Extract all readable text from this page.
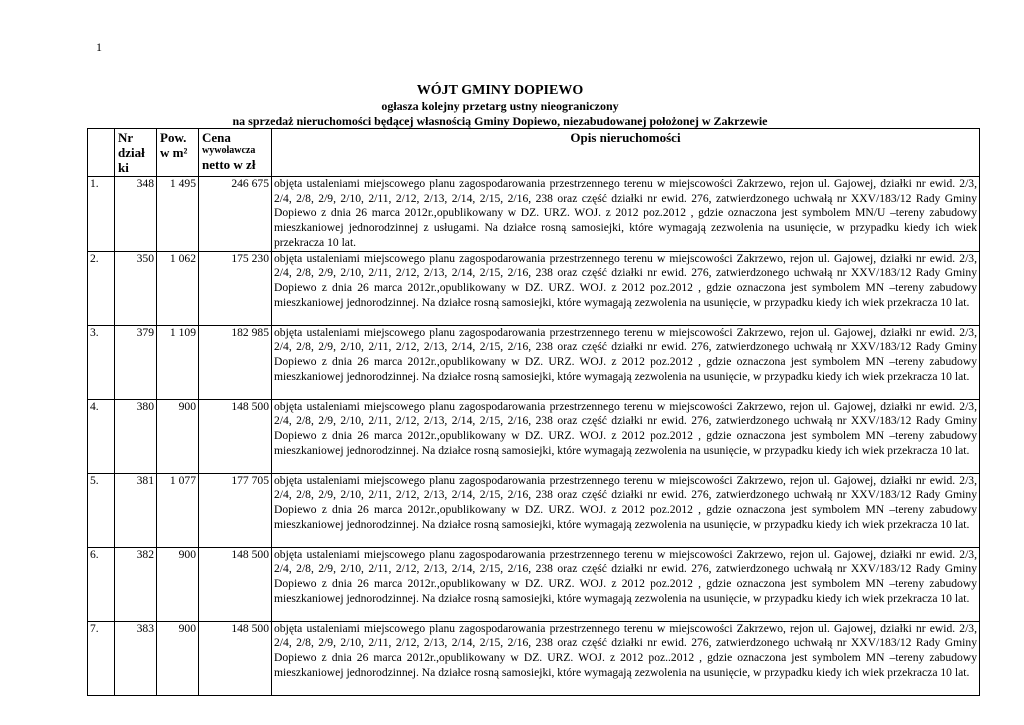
1
WÓJT GMINY DOPIEWO
ogłasza kolejny przetarg ustny nieograniczony
na sprzedaż nieruchomości będącej własnością Gminy Dopiewo, niezabudowanej położonej w Zakrzewie
	Nr dział ki	Pow. w m²	Cena
wywoławcza
netto w zł	Opis nieruchomości
1.	348	1 495	246 675	objęta ustaleniami miejscowego planu zagospodarowania przestrzennego terenu w miejscowości Zakrzewo, rejon ul. Gajowej, działki nr ewid. 2/3, 2/4, 2/8, 2/9, 2/10, 2/11, 2/12, 2/13, 2/14, 2/15, 2/16, 238 oraz część działki nr ewid. 276, zatwierdzonego uchwałą nr XXV/183/12 Rady Gminy Dopiewo z dnia 26 marca 2012r.,opublikowany w DZ. URZ. WOJ. z 2012 poz.2012 , gdzie oznaczona jest symbolem MN/U –tereny zabudowy mieszkaniowej jednorodzinnej z usługami. Na działce rosną samosiejki, które wymagają zezwolenia na usunięcie, w przypadku kiedy ich wiek przekracza 10 lat.
2.	350	1 062	175 230	objęta ustaleniami miejscowego planu zagospodarowania przestrzennego terenu w miejscowości Zakrzewo, rejon ul. Gajowej, działki nr ewid. 2/3, 2/4, 2/8, 2/9, 2/10, 2/11, 2/12, 2/13, 2/14, 2/15, 2/16, 238 oraz część działki nr ewid. 276, zatwierdzonego uchwałą nr XXV/183/12 Rady Gminy Dopiewo z dnia 26 marca 2012r.,opublikowany w DZ. URZ. WOJ. z 2012 poz.2012 , gdzie oznaczona jest symbolem MN –tereny zabudowy mieszkaniowej jednorodzinnej. Na działce rosną samosiejki, które wymagają zezwolenia na usunięcie, w przypadku kiedy ich wiek przekracza 10 lat.
3.	379	1 109	182 985	objęta ustaleniami miejscowego planu zagospodarowania przestrzennego terenu w miejscowości Zakrzewo, rejon ul. Gajowej, działki nr ewid. 2/3, 2/4, 2/8, 2/9, 2/10, 2/11, 2/12, 2/13, 2/14, 2/15, 2/16, 238 oraz część działki nr ewid. 276, zatwierdzonego uchwałą nr XXV/183/12 Rady Gminy Dopiewo z dnia 26 marca 2012r.,opublikowany w DZ. URZ. WOJ. z 2012 poz.2012 , gdzie oznaczona jest symbolem MN –tereny zabudowy mieszkaniowej jednorodzinnej. Na działce rosną samosiejki, które wymagają zezwolenia na usunięcie, w przypadku kiedy ich wiek przekracza 10 lat.
4.	380	900	148 500	objęta ustaleniami miejscowego planu zagospodarowania przestrzennego terenu w miejscowości Zakrzewo, rejon ul. Gajowej, działki nr ewid. 2/3, 2/4, 2/8, 2/9, 2/10, 2/11, 2/12, 2/13, 2/14, 2/15, 2/16, 238 oraz część działki nr ewid. 276, zatwierdzonego uchwałą nr XXV/183/12 Rady Gminy Dopiewo z dnia 26 marca 2012r.,opublikowany w DZ. URZ. WOJ. z 2012 poz.2012 , gdzie oznaczona jest symbolem MN –tereny zabudowy mieszkaniowej jednorodzinnej. Na działce rosną samosiejki, które wymagają zezwolenia na usunięcie, w przypadku kiedy ich wiek przekracza 10 lat.
5.	381	1 077	177 705	objęta ustaleniami miejscowego planu zagospodarowania przestrzennego terenu w miejscowości Zakrzewo, rejon ul. Gajowej, działki nr ewid. 2/3, 2/4, 2/8, 2/9, 2/10, 2/11, 2/12, 2/13, 2/14, 2/15, 2/16, 238 oraz część działki nr ewid. 276, zatwierdzonego uchwałą nr XXV/183/12 Rady Gminy Dopiewo z dnia 26 marca 2012r.,opublikowany w DZ. URZ. WOJ. z 2012 poz.2012 , gdzie oznaczona jest symbolem MN –tereny zabudowy mieszkaniowej jednorodzinnej. Na działce rosną samosiejki, które wymagają zezwolenia na usunięcie, w przypadku kiedy ich wiek przekracza 10 lat.
6.	382	900	148 500	objęta ustaleniami miejscowego planu zagospodarowania przestrzennego terenu w miejscowości Zakrzewo, rejon ul. Gajowej, działki nr ewid. 2/3, 2/4, 2/8, 2/9, 2/10, 2/11, 2/12, 2/13, 2/14, 2/15, 2/16, 238 oraz część działki nr ewid. 276, zatwierdzonego uchwałą nr XXV/183/12 Rady Gminy Dopiewo z dnia 26 marca 2012r.,opublikowany w DZ. URZ. WOJ. z 2012 poz.2012 , gdzie oznaczona jest symbolem MN –tereny zabudowy mieszkaniowej jednorodzinnej. Na działce rosną samosiejki, które wymagają zezwolenia na usunięcie, w przypadku kiedy ich wiek przekracza 10 lat.
7.	383	900	148 500	objęta ustaleniami miejscowego planu zagospodarowania przestrzennego terenu w miejscowości Zakrzewo, rejon ul. Gajowej, działki nr ewid. 2/3, 2/4, 2/8, 2/9, 2/10, 2/11, 2/12, 2/13, 2/14, 2/15, 2/16, 238 oraz część działki nr ewid. 276, zatwierdzonego uchwałą nr XXV/183/12 Rady Gminy Dopiewo z dnia 26 marca 2012r.,opublikowany w DZ. URZ. WOJ. z 2012 poz..2012 , gdzie oznaczona jest symbolem MN –tereny zabudowy mieszkaniowej jednorodzinnej. Na działce rosną samosiejki, które wymagają zezwolenia na usunięcie, w przypadku kiedy ich wiek przekracza 10 lat.
